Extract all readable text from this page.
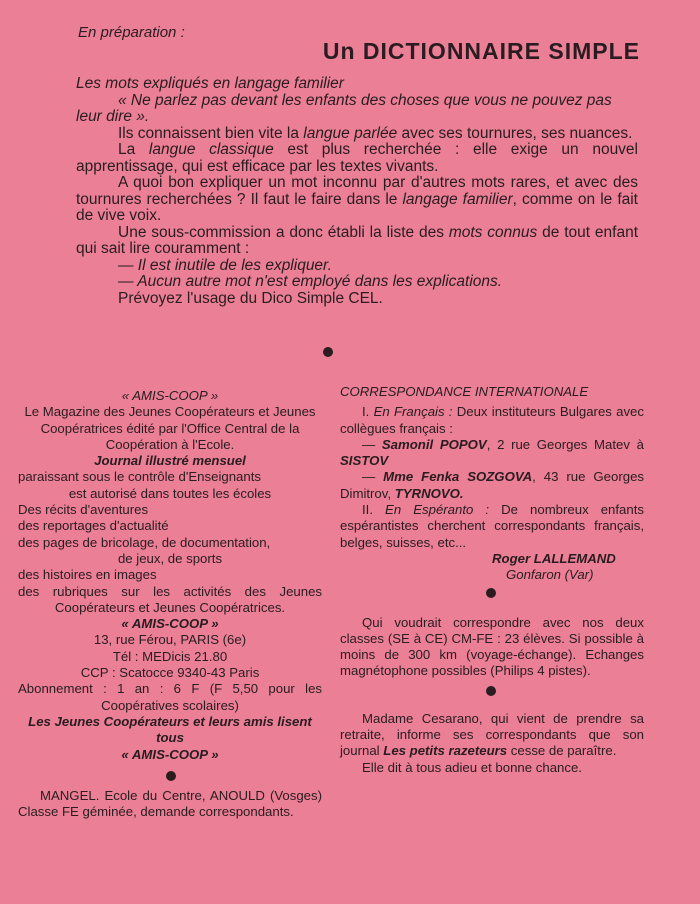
En préparation :
Un DICTIONNAIRE SIMPLE

Les mots expliqués en langage familier

« Ne parlez pas devant les enfants des choses que vous ne pouvez pas leur dire ».

Ils connaissent bien vite la langue parlée avec ses tournures, ses nuances.

La langue classique est plus recherchée : elle exige un nouvel apprentissage, qui est efficace par les textes vivants.

A quoi bon expliquer un mot inconnu par d'autres mots rares, et avec des tournures recherchées ? Il faut le faire dans le langage familier, comme on le fait de vive voix.

Une sous-commission a donc établi la liste des mots connus de tout enfant qui sait lire couramment :

— Il est inutile de les expliquer.

— Aucun autre mot n'est employé dans les explications.

Prévoyez l'usage du Dico Simple CEL.

« AMIS-COOP »

Le Magazine des Jeunes Coopérateurs et Jeunes Coopératrices édité par l'Office Central de la Coopération à l'Ecole.

Journal illustré mensuel

paraissant sous le contrôle d'Enseignants

est autorisé dans toutes les écoles

Des récits d'aventures

des reportages d'actualité

des pages de bricolage, de documentation,

de jeux, de sports

des histoires en images

des rubriques sur les activités des Jeunes Coopérateurs et Jeunes Coopératrices.

« AMIS-COOP »

13, rue Férou, PARIS (6e)

Tél : MEDicis 21.80

CCP : Scatocce 9340-43 Paris

Abonnement : 1 an : 6 F (F 5,50 pour les Coopératives scolaires)

Les Jeunes Coopérateurs et leurs amis lisent tous

« AMIS-COOP »

MANGEL. Ecole du Centre, ANOULD (Vosges) Classe FE géminée, demande correspondants.

CORRESPONDANCE INTERNATIONALE

I. En Français : Deux instituteurs Bulgares avec collègues français :

— Samonil POPOV, 2 rue Georges Matev à SISTOV

— Mme Fenka SOZGOVA, 43 rue Georges Dimitrov, TYRNOVO.

II. En Espéranto : De nombreux enfants espérantistes cherchent correspondants français, belges, suisses, etc...

Roger LALLEMAND

Gonfaron (Var)

Qui voudrait correspondre avec nos deux classes (SE à CE) CM-FE : 23 élèves. Si possible à moins de 300 km (voyage-échange). Echanges magnétophone possibles (Philips 4 pistes).

Madame Cesarano, qui vient de prendre sa retraite, informe ses correspondants que son journal Les petits razeteurs cesse de paraître.

Elle dit à tous adieu et bonne chance.
